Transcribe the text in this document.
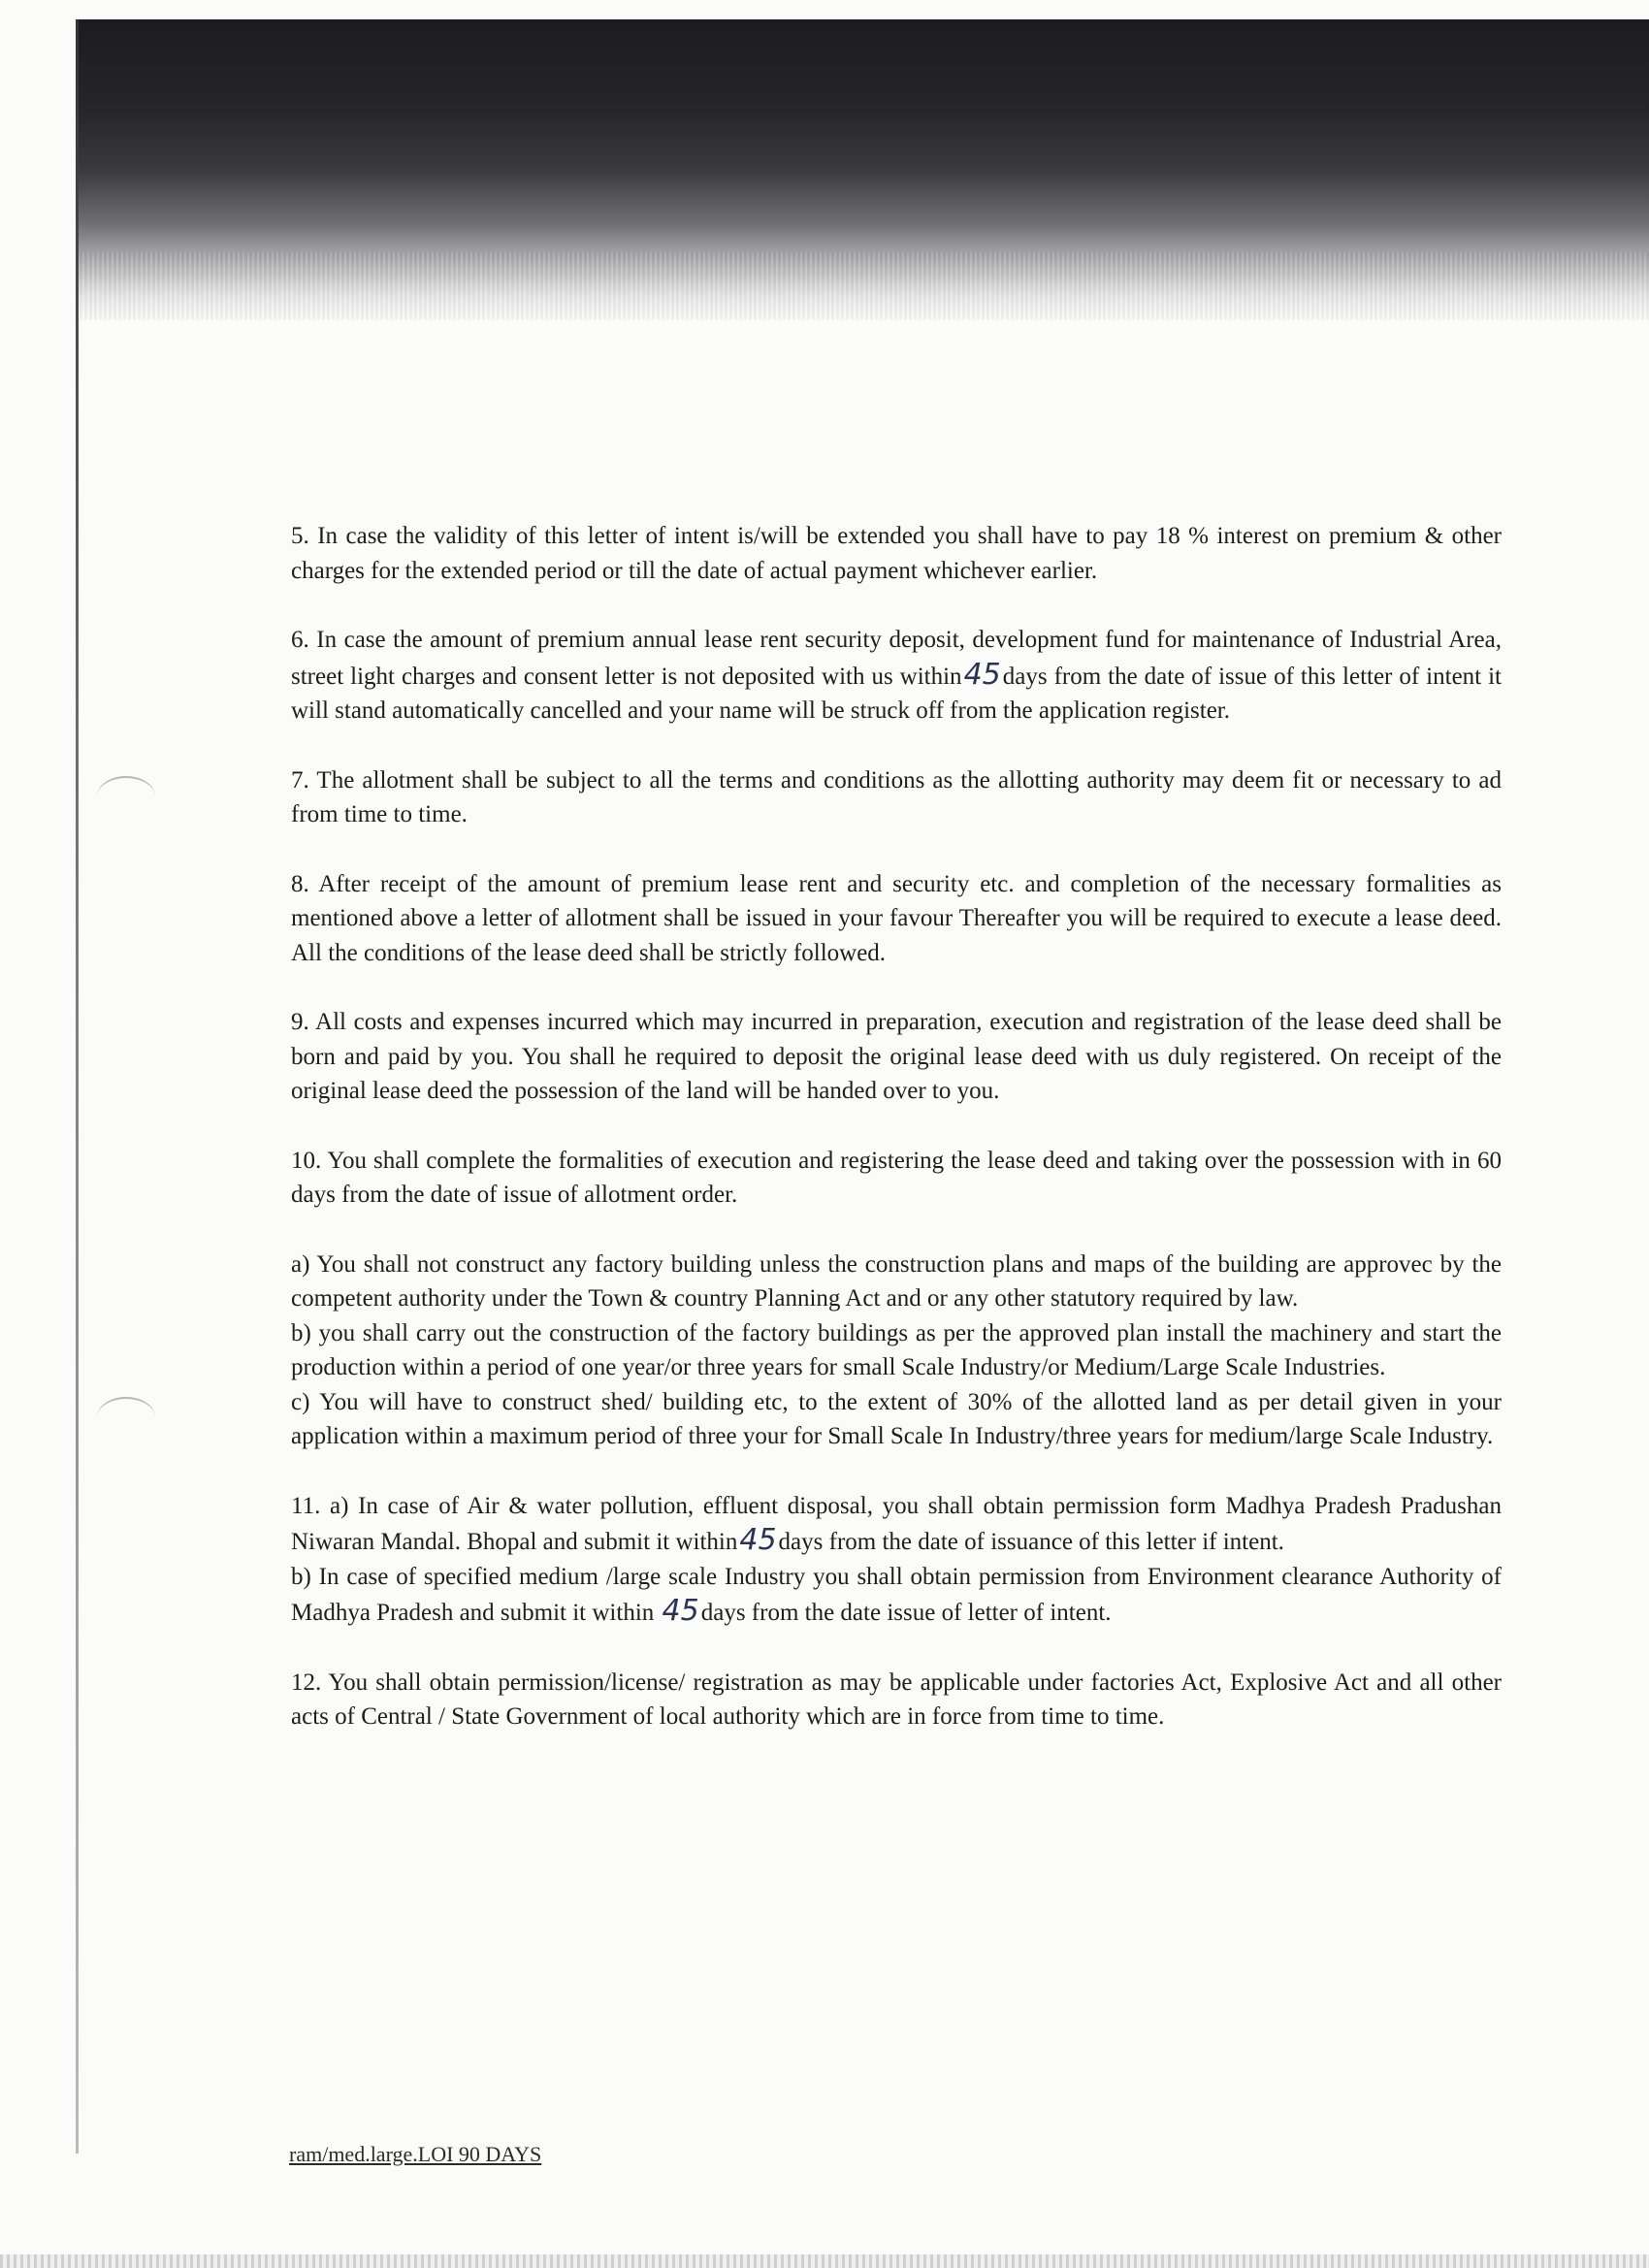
5. In case the validity of this letter of intent is/will be extended you shall have to pay 18 % interest on premium & other charges for the extended period or till the date of actual payment whichever earlier.

6. In case the amount of premium annual lease rent security deposit, development fund for maintenance of Industrial Area, street light charges and consent letter is not deposited with us within45days from the date of issue of this letter of intent it will stand automatically cancelled and your name will be struck off from the application register.

7. The allotment shall be subject to all the terms and conditions as the allotting authority may deem fit or necessary to ad from time to time.

8. After receipt of the amount of premium lease rent and security etc. and completion of the necessary formalities as mentioned above a letter of allotment shall be issued in your favour Thereafter you will be required to execute a lease deed. All the conditions of the lease deed shall be strictly followed.

9. All costs and expenses incurred which may incurred in preparation, execution and registration of the lease deed shall be born and paid by you. You shall he required to deposit the original lease deed with us duly registered. On receipt of the original lease deed the possession of the land will be handed over to you.

10. You shall complete the formalities of execution and registering the lease deed and taking over the possession with in 60 days from the date of issue of allotment order.

a) You shall not construct any factory building unless the construction plans and maps of the building are approvec by the competent authority under the Town & country Planning Act and or any other statutory required by law.

b) you shall carry out the construction of the factory buildings as per the approved plan install the machinery and start the production within a period of one year/or three years for small Scale Industry/or Medium/Large Scale Industries.

c) You will have to construct shed/ building etc, to the extent of 30% of the allotted land as per detail given in your application within a maximum period of three your for Small Scale In Industry/three years for medium/large Scale Industry.

11. a) In case of Air & water pollution, effluent disposal, you shall obtain permission form Madhya Pradesh Pradushan Niwaran Mandal. Bhopal and submit it within45days from the date of issuance of this letter if intent.

b) In case of specified medium /large scale Industry you shall obtain permission from Environment clearance Authority of Madhya Pradesh and submit it within 45days from the date issue of letter of intent.

12. You shall obtain permission/license/ registration as may be applicable under factories Act, Explosive Act and all other acts of Central / State Government of local authority which are in force from time to time.

ram/med.large.LOI 90 DAYS
